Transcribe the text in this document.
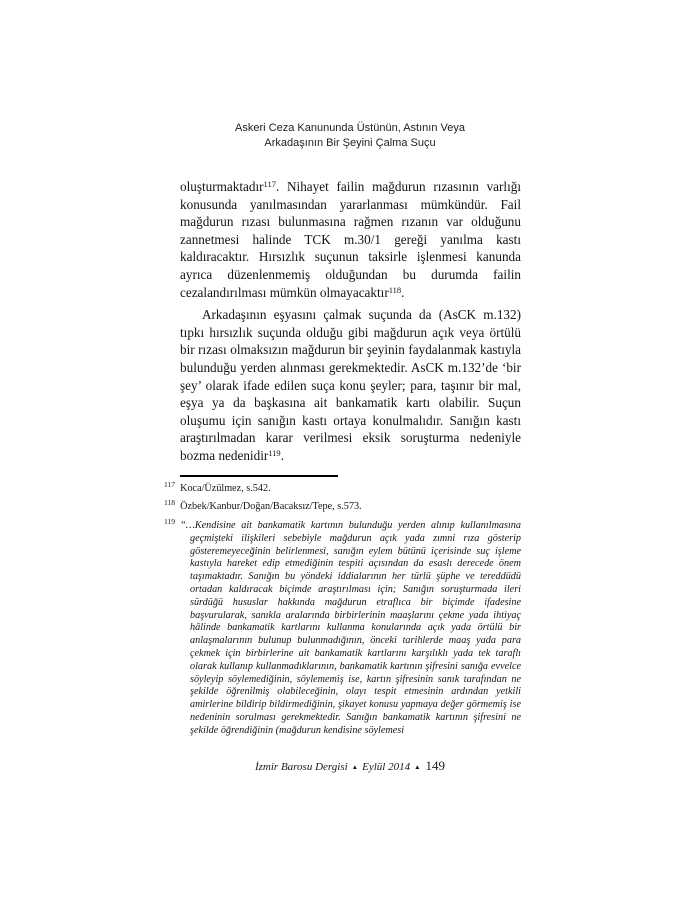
Askeri Ceza Kanununda Üstünün, Astının Veya
Arkadaşının Bir Şeyini Çalma Suçu

oluşturmaktadır$^{117}$. Nihayet failin mağdurun rızasının varlığı konusunda yanılmasından yararlanması mümkündür. Fail mağdurun rızası bulunmasına rağmen rızanın var olduğunu zannetmesi halinde TCK m.30/1 gereği yanılma kastı kaldıracaktır. Hırsızlık suçunun taksirle işlenmesi kanunda ayrıca düzenlenmemiş olduğundan bu durumda failin cezalandırılması mümkün olmayacaktır$^{118}$.

Arkadaşının eşyasını çalmak suçunda da (AsCK m.132) tıpkı hırsızlık suçunda olduğu gibi mağdurun açık veya örtülü bir rızası olmaksızın mağdurun bir şeyinin faydalanmak kastıyla bulunduğu yerden alınması gerekmektedir. AsCK m.132’de ‘bir şey’ olarak ifade edilen suça konu şeyler; para, taşınır bir mal, eşya ya da başkasına ait bankamatik kartı olabilir. Suçun oluşumu için sanığın kastı ortaya konulmalıdır. Sanığın kastı araştırılmadan karar verilmesi eksik soruşturma nedeniyle bozma nedenidir$^{119}$.

$^{117}$ Koca/Üzülmez, s.542.
$^{118}$ Özbek/Kanbur/Doğan/Bacaksız/Tepe, s.573.
$^{119}$ “…Kendisine ait bankamatik kartının bulunduğu yerden alınıp kullanılmasına geçmişteki ilişkileri sebebiyle mağdurun açık yada zımni rıza gösterip gösteremeyeceğinin belirlenmesi, sanığın eylem bütünü içerisinde suç işleme kastıyla hareket edip etmediğinin tespiti açısından da esaslı derecede önem taşımaktadır. Sanığın bu yöndeki iddialarının her türlü şüphe ve tereddüdü ortadan kaldıracak biçimde araştırılması için; Sanığın soruşturmada ileri sürdüğü hususlar hakkında mağdurun etraflıca bir biçimde ifadesine başvurularak, sanıkla aralarında birbirlerinin maaşlarını çekme yada ihtiyaç hâlinde bankamatik kartlarını kullanma konularında açık yada örtülü bir anlaşmalarının bulunup bulunmadığının, önceki tarihlerde maaş yada para çekmek için birbirlerine ait bankamatik kartlarını karşılıklı yada tek taraflı olarak kullanıp kullanmadıklarının, bankamatik kartının şifresini sanığa evvelce söyleyip söylemediğinin, söylememiş ise, kartın şifresinin sanık tarafından ne şekilde öğrenilmiş olabileceğinin, olayı tespit etmesinin ardından yetkili amirlerine bildirip bildirmediğinin, şikayet konusu yapmaya değer görmemiş ise nedeninin sorulması gerekmektedir. Sanığın bankamatik kartının şifresini ne şekilde öğrendiğinin (mağdurun kendisine söylemesi
İzmir Barosu Dergisi ▲ Eylül 2014 ▲ 149
